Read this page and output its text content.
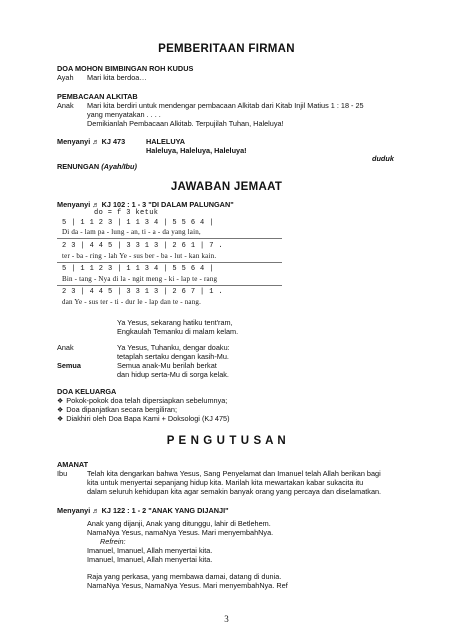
PEMBERITAAN FIRMAN
DOA MOHON BIMBINGAN ROH KUDUS
Ayah Mari kita berdoa…
PEMBACAAN ALKITAB
Anak Mari kita berdiri untuk mendengar pembacaan Alkitab dari Kitab Injil Matius 1 : 18 - 25
yang menyatakan . . . .
Demikianlah Pembacaan Alkitab. Terpujilah Tuhan, Haleluya!
Menyanyi ♬ KJ 473	HALELUYA
Haleluya, Haleluya, Haleluya!
duduk
RENUNGAN (Ayah/Ibu)
JAWABAN JEMAAT
Menyanyi ♬ KJ 102 : 1 - 3 "DI DALAM PALUNGAN"
do = f 3 ketuk
5 | 1 1 2 3 | 1 1 3 4 | 5 5 6 4 |
Di da - lam pa - lung - an, ti - a - da yang lain,
2 3 | 4 4 5 | 3 3 1 3 | 2 6 1 | 7 .
ter - ba - ring - lah Ye - sus ber - ba - lut - kan kain.
5 | 1 1 2 3 | 1 1 3 4 | 5 5 6 4 |
Bin - tang - Nya di la - ngit meng - ki - lap te - rang
2 3 | 4 4 5 | 3 3 1 3 | 2 6 7 | 1 .
dan Ye - sus ter - ti - dur le - lap dan te - nang.
Ya Yesus, sekarang hatiku tent'ram,
Engkaulah Temanku di malam kelam.
Anak	Ya Yesus, Tuhanku, dengar doaku:
tetaplah sertaku dengan kasih-Mu.
Semua	Semua anak-Mu berilah berkat
dan hidup serta-Mu di sorga kelak.
DOA KELUARGA
❖ Pokok-pokok doa telah dipersiapkan sebelumnya;
❖ Doa dipanjatkan secara bergiliran;
❖ Diakhiri oleh Doa Bapa Kami + Doksologi (KJ 475)
P E N G U T U S A N
AMANAT
Ibu	Telah kita dengarkan bahwa Yesus, Sang Penyelamat dan Imanuel telah Allah berikan bagi
kita untuk menyertai sepanjang hidup kita. Marilah kita mewartakan kabar sukacita itu
dalam seluruh kehidupan kita agar semakin banyak orang yang percaya dan diselamatkan.
Menyanyi ♬ KJ 122 : 1 - 2 "ANAK YANG DIJANJI"
Anak yang dijanji, Anak yang ditunggu, lahir di Betlehem.
NamaNya Yesus, namaNya Yesus. Mari menyembahNya.
Refrein:
Imanuel, Imanuel, Allah menyertai kita.
Imanuel, Imanuel, Allah menyertai kita.
Raja yang perkasa, yang membawa damai, datang di dunia.
NamaNya Yesus, NamaNya Yesus. Mari menyembahNya. Ref
3
